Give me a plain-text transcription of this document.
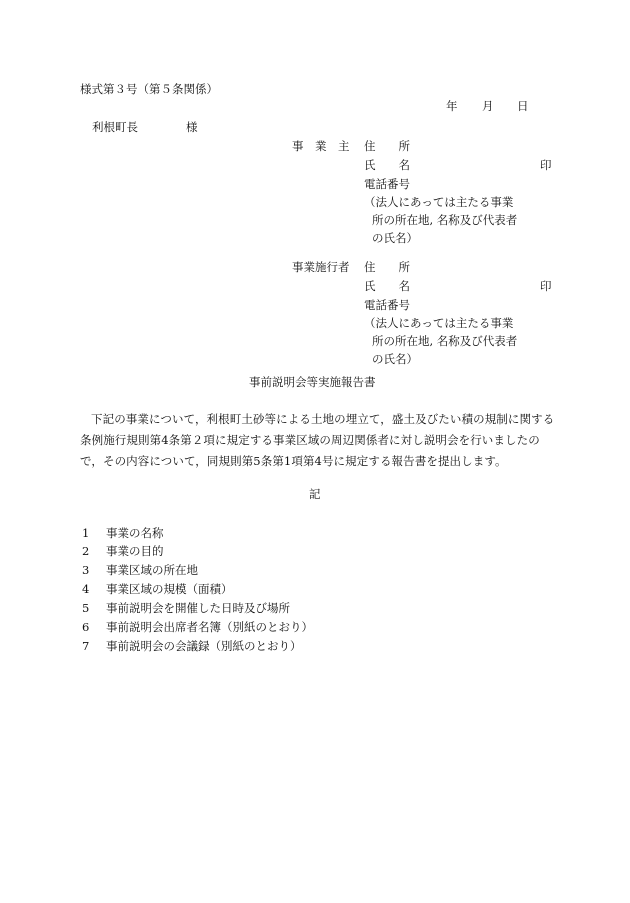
様式第３号（第５条関係）
年 月 日
利根町長	様
事　業　主 住　　所
氏　　名	印
電話番号
（法人にあっては主たる事業
所の所在地, 名称及び代表者
の氏名）
事業施行者 住　　所
氏　　名	印
電話番号
（法人にあっては主たる事業
所の所在地, 名称及び代表者
の氏名）
事前説明会等実施報告書
下記の事業について，利根町土砂等による土地の埋立て，盛土及びたい積の規制に関する条例施行規則第4条第２項に規定する事業区域の周辺関係者に対し説明会を行いましたので，その内容について，同規則第5条第1項第4号に規定する報告書を提出します。
記
1 事業の名称
2 事業の目的
3 事業区域の所在地
4 事業区域の規模（面積）
5 事前説明会を開催した日時及び場所
6 事前説明会出席者名簿（別紙のとおり）
7 事前説明会の会議録（別紙のとおり）
